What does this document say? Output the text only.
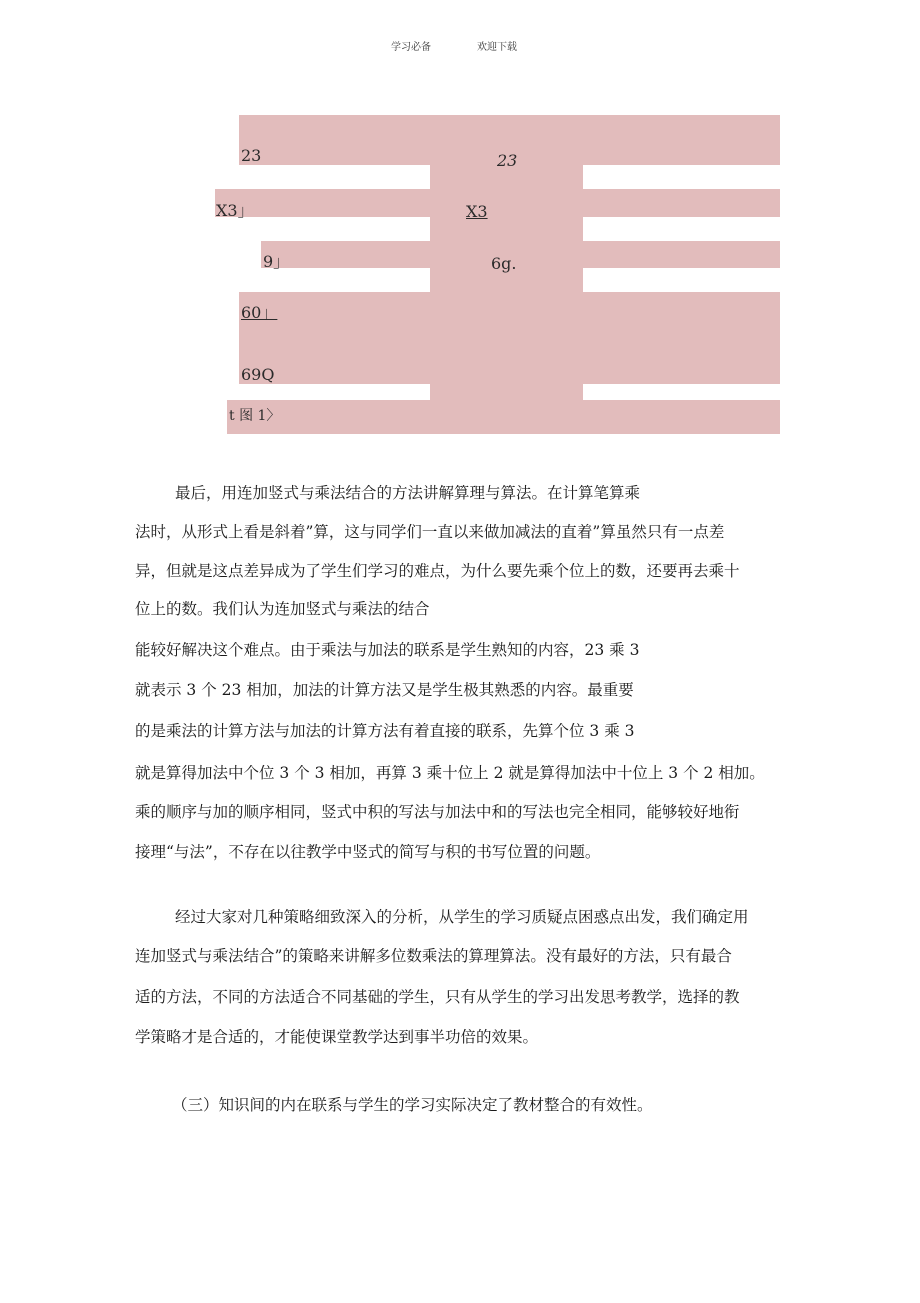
学习必备	欢迎下载
23
X3」
9」
60」
69Q
23
X3
6g.
t 图 1〉
最后，用连加竖式与乘法结合的方法讲解算理与算法。在计算笔算乘
法时，从形式上看是斜着”算，这与同学们一直以来做加减法的直着”算虽然只有一点差
异，但就是这点差异成为了学生们学习的难点，为什么要先乘个位上的数，还要再去乘十
位上的数。我们认为连加竖式与乘法的结合
能较好解决这个难点。由于乘法与加法的联系是学生熟知的内容，23 乘 3
就表示 3 个 23 相加，加法的计算方法又是学生极其熟悉的内容。最重要
的是乘法的计算方法与加法的计算方法有着直接的联系，先算个位 3 乘 3
就是算得加法中个位 3 个 3 相加，再算 3 乘十位上 2 就是算得加法中十位上 3 个 2 相加。
乘的顺序与加的顺序相同，竖式中积的写法与加法中和的写法也完全相同，能够较好地衔
接理“与法”，不存在以往教学中竖式的简写与积的书写位置的问题。
经过大家对几种策略细致深入的分析，从学生的学习质疑点困惑点出发，我们确定用
连加竖式与乘法结合”的策略来讲解多位数乘法的算理算法。没有最好的方法，只有最合
适的方法，不同的方法适合不同基础的学生，只有从学生的学习出发思考教学，选择的教
学策略才是合适的，才能使课堂教学达到事半功倍的效果。
（三）知识间的内在联系与学生的学习实际决定了教材整合的有效性。
